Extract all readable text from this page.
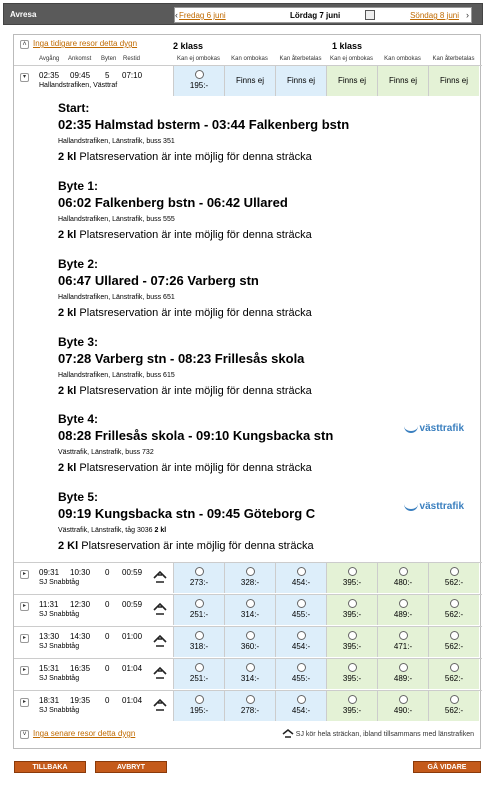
Avresa	‹ Fredag 6 juni	Lördag 7 juni	Söndag 8 juni ›
˄ Inga tidigare resor detta dygn	2 klass	1 klass
Avgång Ankomst Byten Restid	Kan ej ombokas	Kan ombokas	Kan återbetalas	Kan ej ombokas	Kan ombokas	Kan återbetalas
▾	02:35 09:45 5 07:10
Hallandstrafiken, Västtraf	195:-
Finns ej	Finns ej	Finns ej	Finns ej	Finns ej
Start:
02:35 Halmstad bsterm - 03:44 Falkenberg bstn
Hallandstrafiken, Länstrafik, buss 351
2 kl Platsreservation är inte möjlig för denna sträcka
Byte 1:
06:02 Falkenberg bstn - 06:42 Ullared
Hallandstrafiken, Länstrafik, buss 555
2 kl Platsreservation är inte möjlig för denna sträcka
Byte 2:
06:47 Ullared - 07:26 Varberg stn
Hallandstrafiken, Länstrafik, buss 651
2 kl Platsreservation är inte möjlig för denna sträcka
Byte 3:
07:28 Varberg stn - 08:23 Frillesås skola
Hallandstrafiken, Länstrafik, buss 615
2 kl Platsreservation är inte möjlig för denna sträcka
Byte 4:
08:28 Frillesås skola - 09:10 Kungsbacka stn
Västtrafik, Länstrafik, buss 732
2 kl Platsreservation är inte möjlig för denna sträcka
västtrafik
Byte 5:
09:19 Kungsbacka stn - 09:45 Göteborg C
Västtrafik, Länstrafik, tåg 3036 2 kl
2 Kl Platsreservation är inte möjlig för denna sträcka
västtrafik
▸	09:31 10:30 0 00:59
SJ Snabbtåg	273:-	328:-	454:-	395:-	480:-	562:-
▸	11:31 12:30 0 00:59
SJ Snabbtåg	251:-	314:-	455:-	395:-	489:-	562:-
▸	13:30 14:30 0 01:00
SJ Snabbtåg	318:-	360:-	454:-	395:-	471:-	562:-
▸	15:31 16:35 0 01:04
SJ Snabbtåg	251:-	314:-	455:-	395:-	489:-	562:-
▸	18:31 19:35 0 01:04
SJ Snabbtåg	195:-	278:-	454:-	395:-	490:-	562:-
˅ Inga senare resor detta dygn	SJ kör hela sträckan, ibland tillsammans med länstrafiken
TILLBAKA	AVBRYT	GÅ VIDARE
